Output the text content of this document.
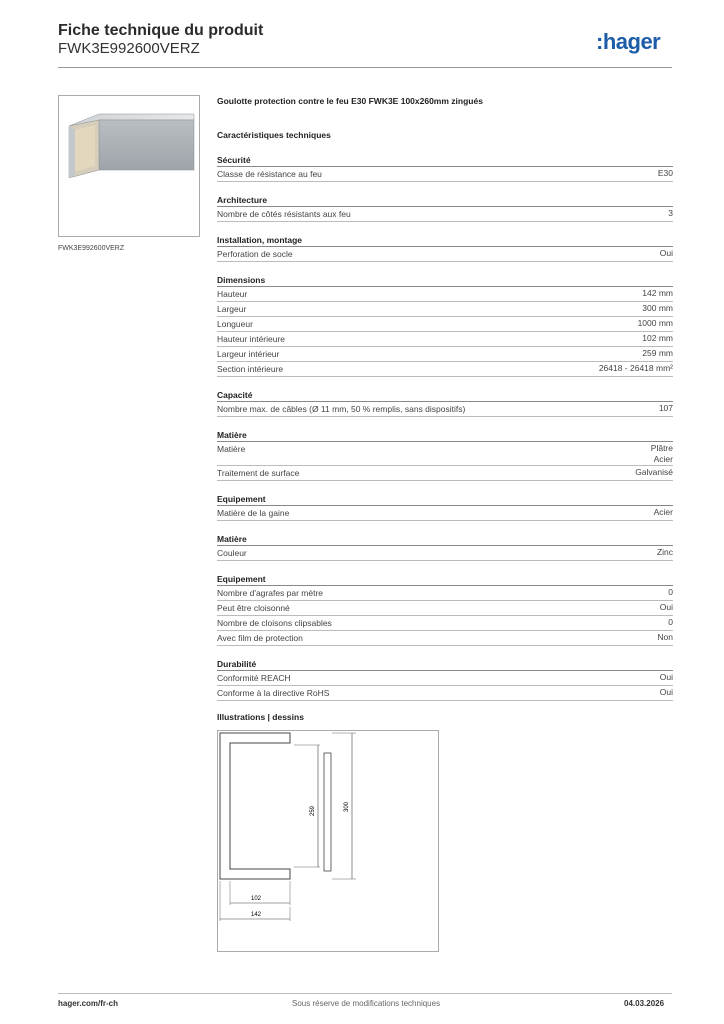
Fiche technique du produit
FWK3E992600VERZ	:hager
FWK3E992600VERZ
Goulotte protection contre le feu E30 FWK3E 100x260mm zingués
Caractéristiques techniques
Sécurité
Classe de résistance au feu	E30
Architecture
Nombre de côtés résistants aux feu	3
Installation, montage
Perforation de socle	Oui
Dimensions
Hauteur	142 mm
Largeur	300 mm
Longueur	1000 mm
Hauteur intérieure	102 mm
Largeur intérieur	259 mm
Section intérieure	26418 - 26418 mm²
Capacité
Nombre max. de câbles (Ø 11 mm, 50 % remplis, sans dispositifs)	107
Matière
Matière	Plâtre
Acier
Traitement de surface	Galvanisé
Equipement
Matière de la gaine	Acier
Matière
Couleur	Zinc
Equipement
Nombre d'agrafes par mètre	0
Peut être cloisonné	Oui
Nombre de cloisons clipsables	0
Avec film de protection	Non
Durabilité
Conformité REACH	Oui
Conforme à la directive RoHS	Oui
Illustrations | dessins
259	300
102
142
hager.com/fr-ch	Sous réserve de modifications techniques	04.03.2026
